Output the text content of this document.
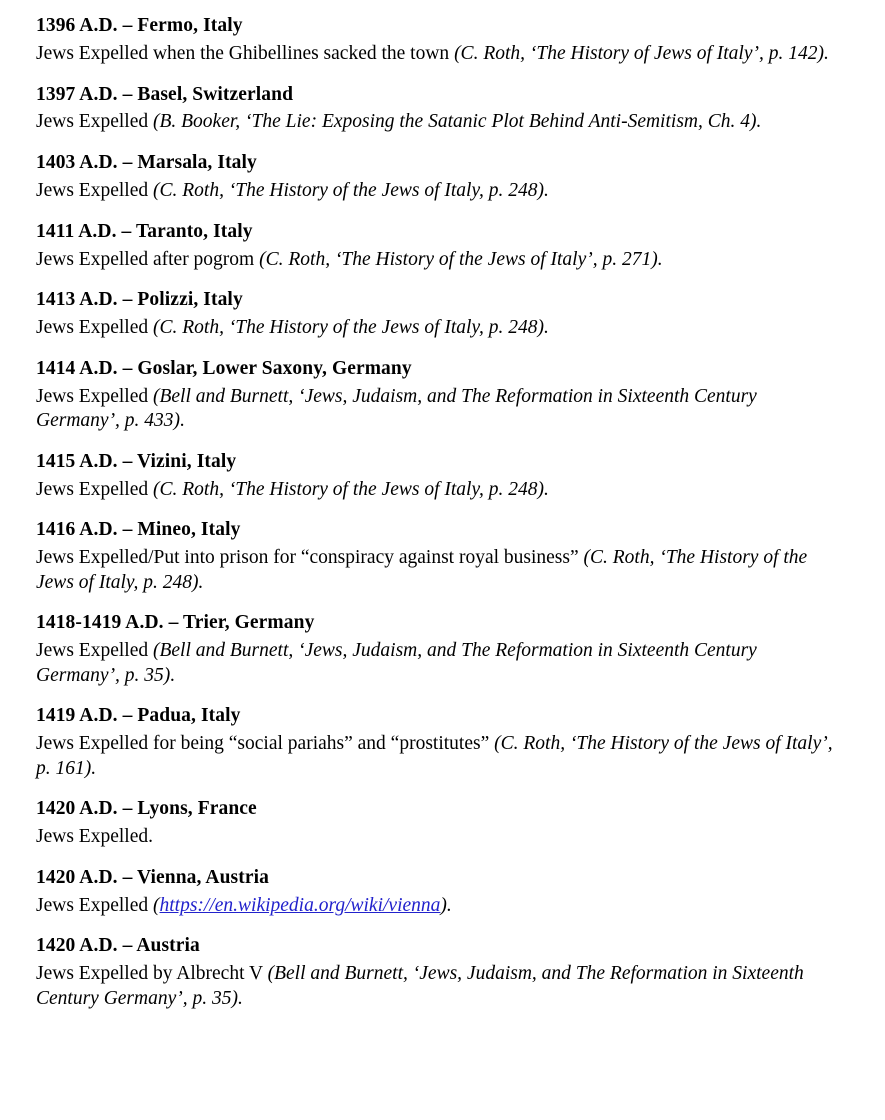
1396 A.D. – Fermo, Italy

Jews Expelled when the Ghibellines sacked the town (C. Roth, ‘The History of Jews of Italy’, p. 142).

1397 A.D. – Basel, Switzerland

Jews Expelled (B. Booker, ‘The Lie: Exposing the Satanic Plot Behind Anti-Semitism, Ch. 4).

1403 A.D. – Marsala, Italy

Jews Expelled (C. Roth, ‘The History of the Jews of Italy, p. 248).

1411 A.D. – Taranto, Italy

Jews Expelled after pogrom (C. Roth, ‘The History of the Jews of Italy’, p. 271).

1413 A.D. – Polizzi, Italy

Jews Expelled (C. Roth, ‘The History of the Jews of Italy, p. 248).

1414 A.D. – Goslar, Lower Saxony, Germany

Jews Expelled (Bell and Burnett, ‘Jews, Judaism, and The Reformation in Sixteenth Century Germany’, p. 433).

1415 A.D. – Vizini, Italy

Jews Expelled (C. Roth, ‘The History of the Jews of Italy, p. 248).

1416 A.D. – Mineo, Italy

Jews Expelled/Put into prison for “conspiracy against royal business” (C. Roth, ‘The History of the Jews of Italy, p. 248).

1418-1419 A.D. – Trier, Germany

Jews Expelled (Bell and Burnett, ‘Jews, Judaism, and The Reformation in Sixteenth Century Germany’, p. 35).

1419 A.D. – Padua, Italy

Jews Expelled for being “social pariahs” and “prostitutes” (C. Roth, ‘The History of the Jews of Italy’, p. 161).

1420 A.D. – Lyons, France

Jews Expelled.

1420 A.D. – Vienna, Austria

Jews Expelled (https://en.wikipedia.org/wiki/vienna).

1420 A.D. – Austria

Jews Expelled by Albrecht V (Bell and Burnett, ‘Jews, Judaism, and The Reformation in Sixteenth Century Germany’, p. 35).
